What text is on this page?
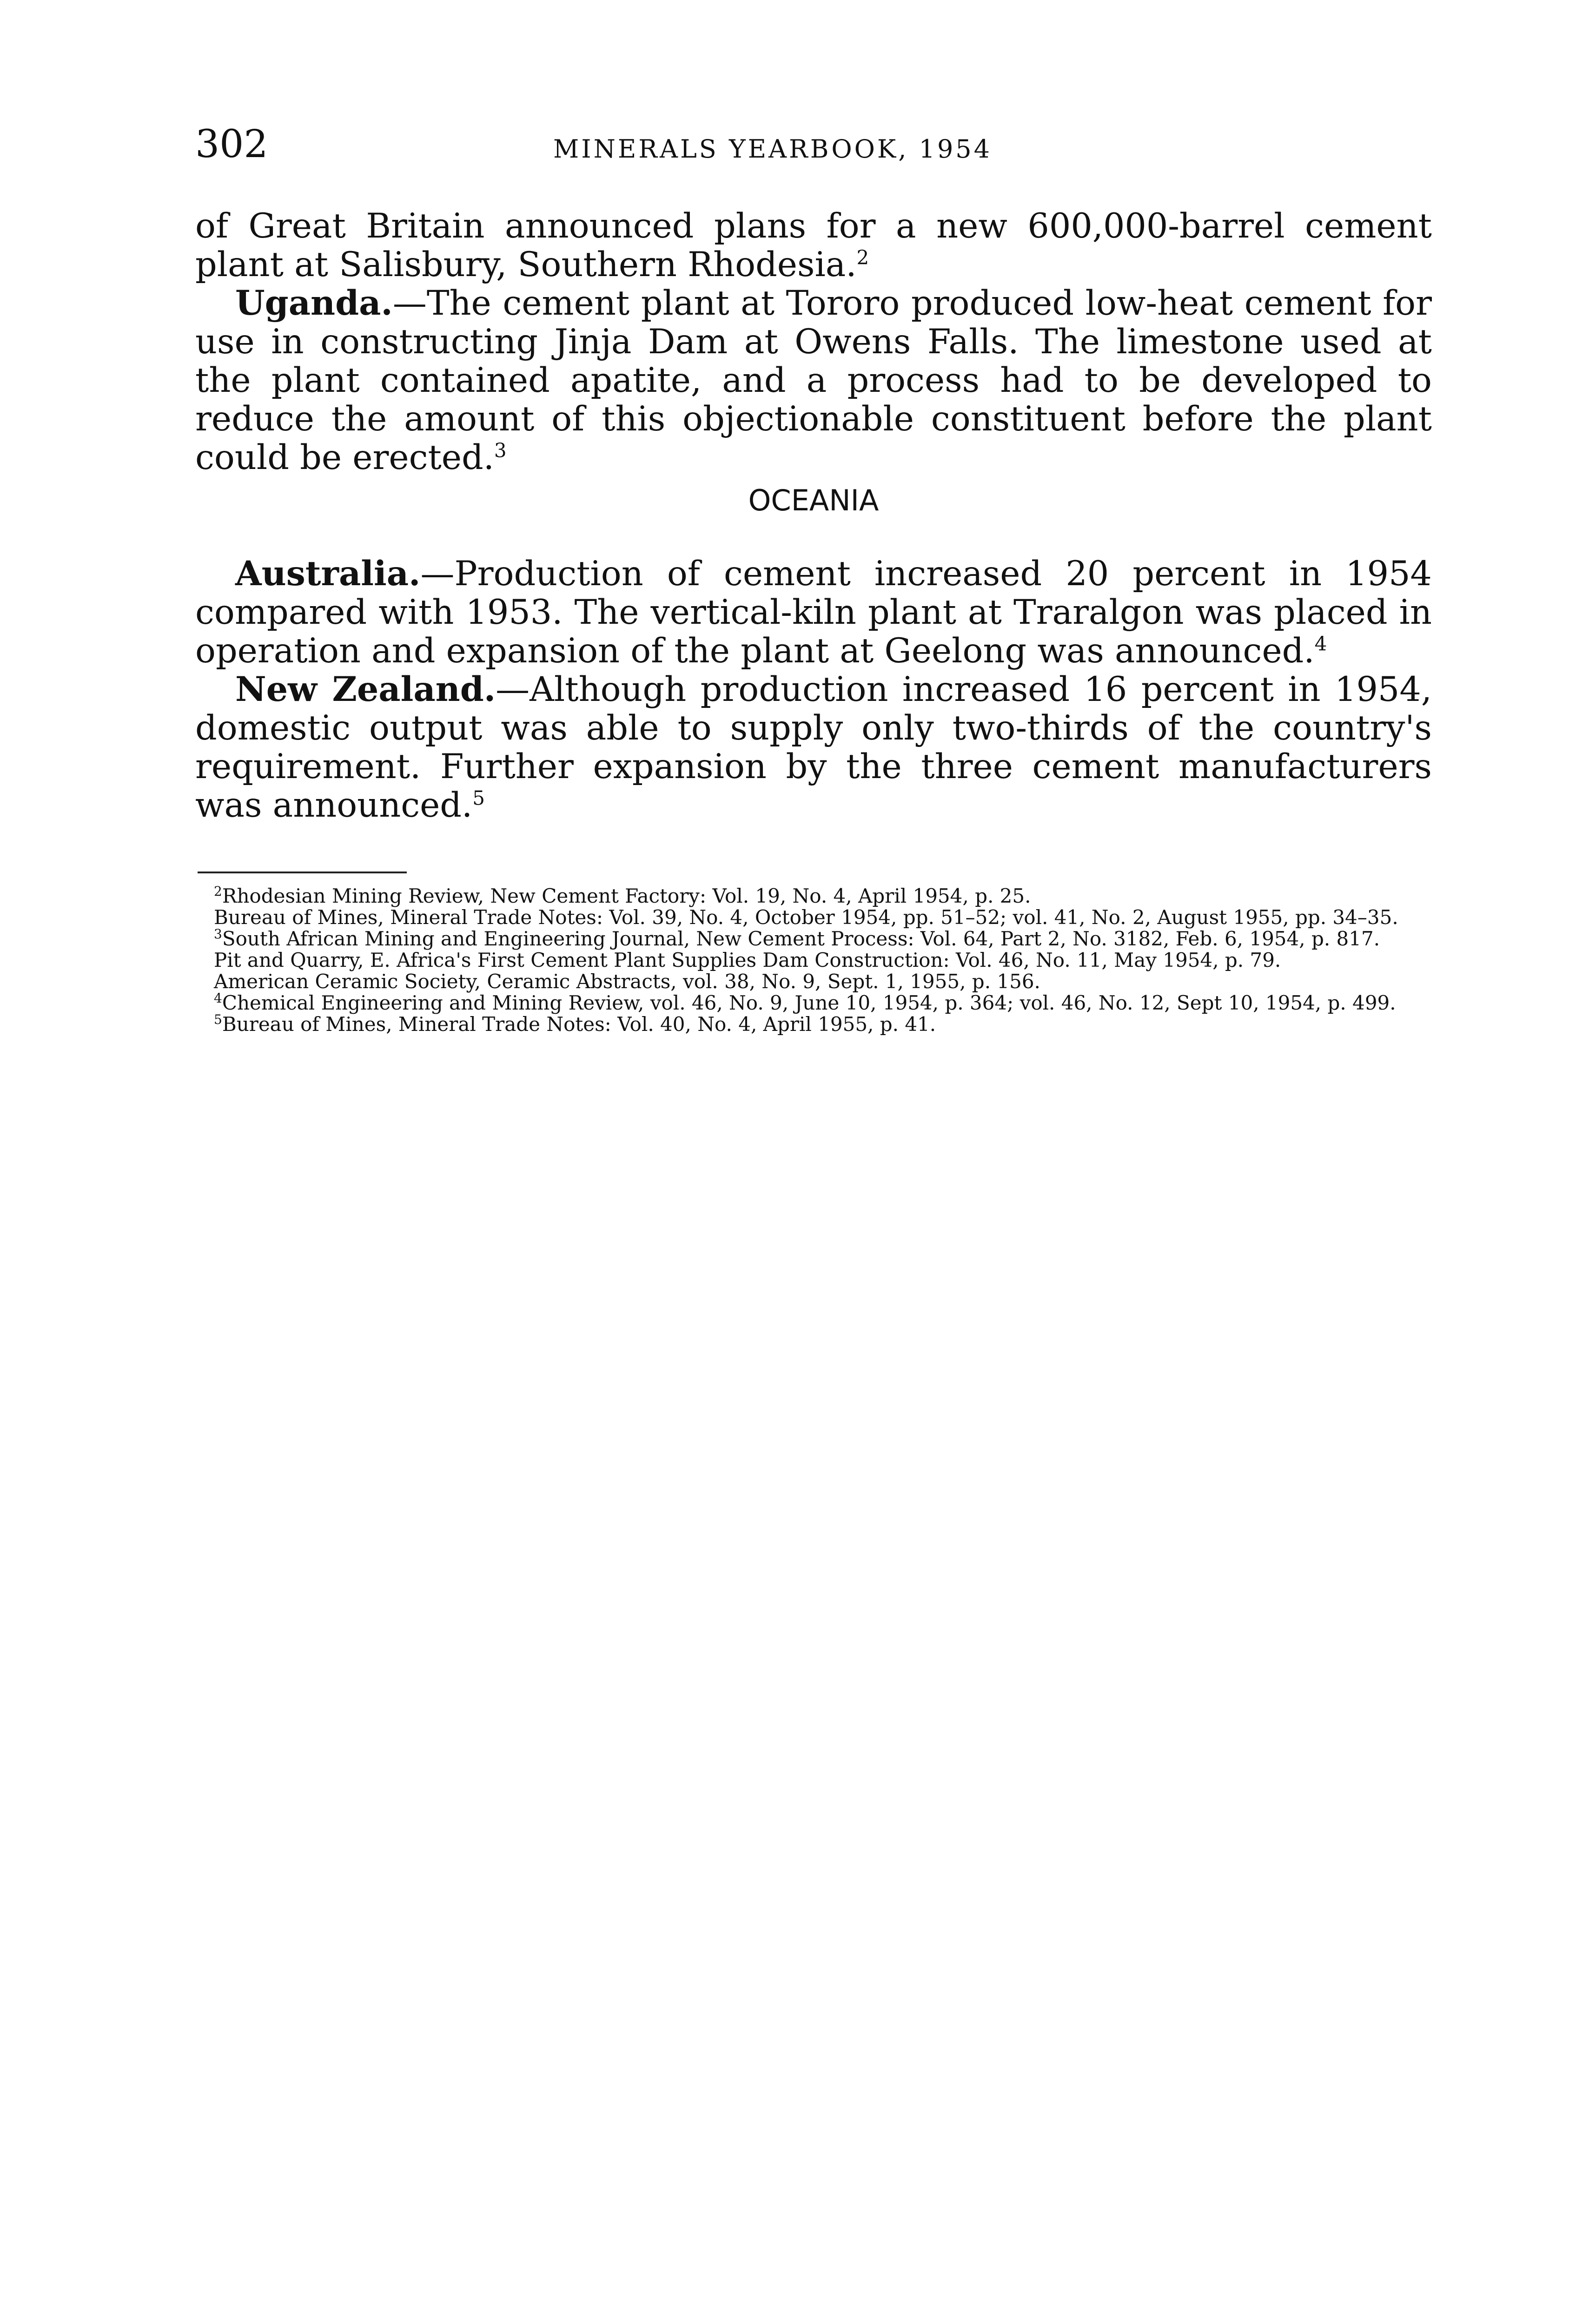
302	MINERALS YEARBOOK, 1954

of Great Britain announced plans for a new 600,000-barrel cement plant at Salisbury, Southern Rhodesia.$^2$

Uganda.—The cement plant at Tororo produced low-heat cement for use in constructing Jinja Dam at Owens Falls. The limestone used at the plant contained apatite, and a process had to be developed to reduce the amount of this objectionable constituent before the plant could be erected.$^3$

OCEANIA

Australia.—Production of cement increased 20 percent in 1954 compared with 1953. The vertical-kiln plant at Traralgon was placed in operation and expansion of the plant at Geelong was announced.$^4$

New Zealand.—Although production increased 16 percent in 1954, domestic output was able to supply only two-thirds of the country's requirement. Further expansion by the three cement manufacturers was announced.$^5$

$^2$Rhodesian Mining Review, New Cement Factory: Vol. 19, No. 4, April 1954, p. 25.

Bureau of Mines, Mineral Trade Notes: Vol. 39, No. 4, October 1954, pp. 51–52; vol. 41, No. 2, August 1955, pp. 34–35.

$^3$South African Mining and Engineering Journal, New Cement Process: Vol. 64, Part 2, No. 3182, Feb. 6, 1954, p. 817.

Pit and Quarry, E. Africa's First Cement Plant Supplies Dam Construction: Vol. 46, No. 11, May 1954, p. 79.

American Ceramic Society, Ceramic Abstracts, vol. 38, No. 9, Sept. 1, 1955, p. 156.

$^4$Chemical Engineering and Mining Review, vol. 46, No. 9, June 10, 1954, p. 364; vol. 46, No. 12, Sept 10, 1954, p. 499.

$^5$Bureau of Mines, Mineral Trade Notes: Vol. 40, No. 4, April 1955, p. 41.
